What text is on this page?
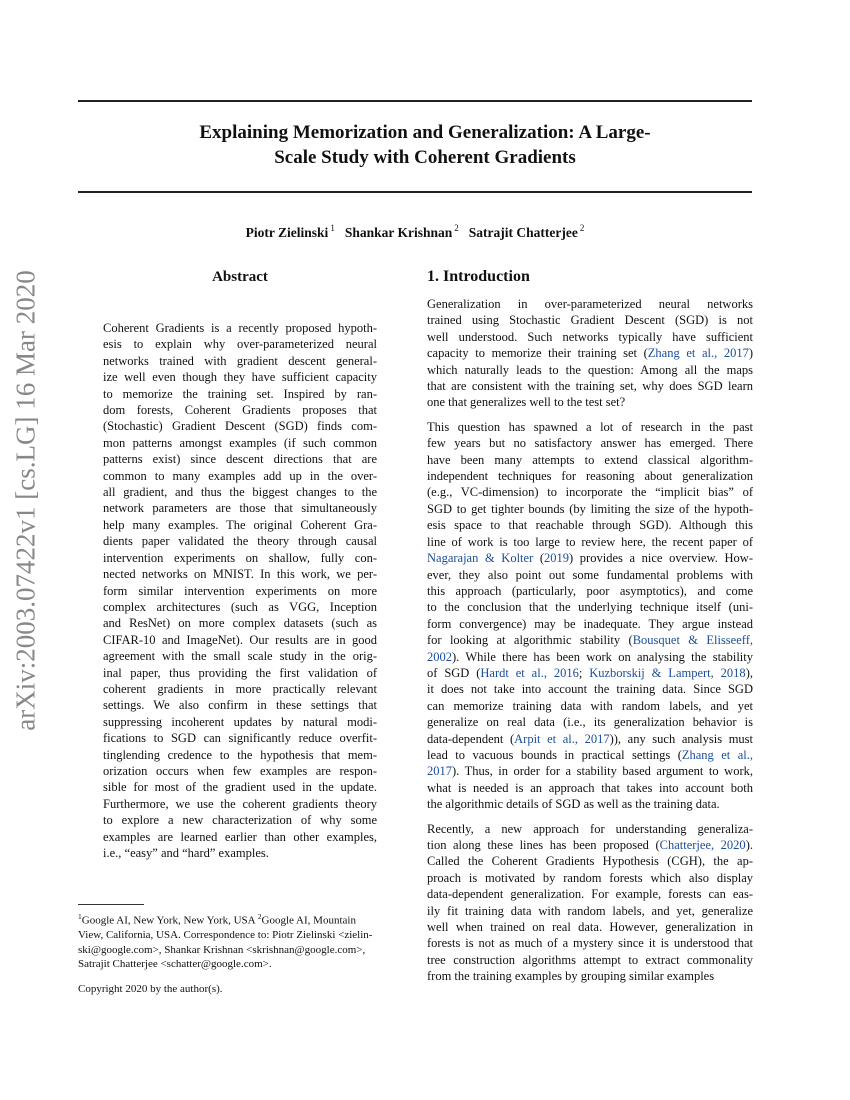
arXiv:2003.07422v1 [cs.LG] 16 Mar 2020
Explaining Memorization and Generalization: A Large-
Scale Study with Coherent Gradients
Piotr Zielinski $^1$ Shankar Krishnan $^2$ Satrajit Chatterjee $^2$
Abstract
Coherent Gradients is a recently proposed hypoth-
esis to explain why over-parameterized neural
networks trained with gradient descent general-
ize well even though they have sufficient capacity
to memorize the training set. Inspired by ran-
dom forests, Coherent Gradients proposes that
(Stochastic) Gradient Descent (SGD) finds com-
mon patterns amongst examples (if such common
patterns exist) since descent directions that are
common to many examples add up in the over-
all gradient, and thus the biggest changes to the
network parameters are those that simultaneously
help many examples. The original Coherent Gra-
dients paper validated the theory through causal
intervention experiments on shallow, fully con-
nected networks on MNIST. In this work, we per-
form similar intervention experiments on more
complex architectures (such as VGG, Inception
and ResNet) on more complex datasets (such as
CIFAR-10 and ImageNet). Our results are in good
agreement with the small scale study in the orig-
inal paper, thus providing the first validation of
coherent gradients in more practically relevant
settings. We also confirm in these settings that
suppressing incoherent updates by natural modi-
fications to SGD can significantly reduce overfit-
tinglending credence to the hypothesis that mem-
orization occurs when few examples are respon-
sible for most of the gradient used in the update.
Furthermore, we use the coherent gradients theory
to explore a new characterization of why some
examples are learned earlier than other examples,
i.e., “easy” and “hard” examples.
1. Introduction
Generalization in over-parameterized neural networks
trained using Stochastic Gradient Descent (SGD) is not
well understood. Such networks typically have sufficient
capacity to memorize their training set (Zhang et al., 2017)
which naturally leads to the question: Among all the maps
that are consistent with the training set, why does SGD learn
one that generalizes well to the test set?
This question has spawned a lot of research in the past
few years but no satisfactory answer has emerged. There
have been many attempts to extend classical algorithm-
independent techniques for reasoning about generalization
(e.g., VC-dimension) to incorporate the “implicit bias” of
SGD to get tighter bounds (by limiting the size of the hypoth-
esis space to that reachable through SGD). Although this
line of work is too large to review here, the recent paper of
Nagarajan & Kolter (2019) provides a nice overview. How-
ever, they also point out some fundamental problems with
this approach (particularly, poor asymptotics), and come
to the conclusion that the underlying technique itself (uni-
form convergence) may be inadequate. They argue instead
for looking at algorithmic stability (Bousquet & Elisseeff,
2002). While there has been work on analysing the stability
of SGD (Hardt et al., 2016; Kuzborskij & Lampert, 2018),
it does not take into account the training data. Since SGD
can memorize training data with random labels, and yet
generalize on real data (i.e., its generalization behavior is
data-dependent (Arpit et al., 2017)), any such analysis must
lead to vacuous bounds in practical settings (Zhang et al.,
2017). Thus, in order for a stability based argument to work,
what is needed is an approach that takes into account both
the algorithmic details of SGD as well as the training data.
Recently, a new approach for understanding generaliza-
tion along these lines has been proposed (Chatterjee, 2020).
Called the Coherent Gradients Hypothesis (CGH), the ap-
proach is motivated by random forests which also display
data-dependent generalization. For example, forests can eas-
ily fit training data with random labels, and yet, generalize
well when trained on real data. However, generalization in
forests is not as much of a mystery since it is understood that
tree construction algorithms attempt to extract commonality
from the training examples by grouping similar examples
$^1$Google AI, New York, New York, USA $^2$Google AI, Mountain
View, California, USA. Correspondence to: Piotr Zielinski <zielin-
ski@google.com>, Shankar Krishnan <skrishnan@google.com>,
Satrajit Chatterjee <schatter@google.com>.
Copyright 2020 by the author(s).
